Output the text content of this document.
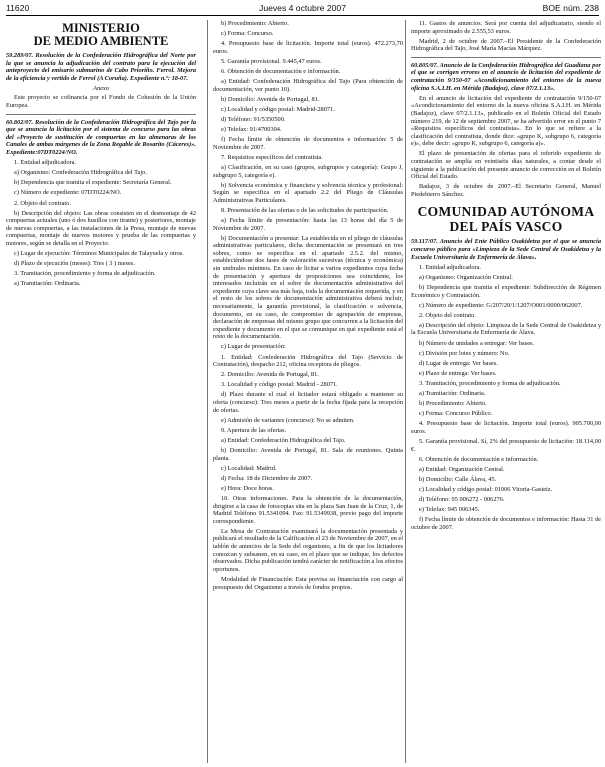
11620	Jueves 4 octubre 2007	BOE núm. 238
MINISTERIO
DE MEDIO AMBIENTE

59.289/07. Resolución de la Confederación Hidrográfica del Norte por la que se anuncia la adjudicación del contrato para la ejecución del anteproyecto del emisario submarino de Cabo Prioriño. Ferrol. Mejora de la eficiencia y vertido de Ferrol (A Coruña). Expediente n.º: 18-07.

Anexo

Este proyecto se cofinancia por el Fondo de Cohesión de la Unión Europea.

60.802/07. Resolución de la Confederación Hidrográfica del Tajo por la que se anuncia la licitación por el sistema de concurso para las obras del «Proyecto de sustitución de compuertas en las almenaras de los Canales de ambas márgenes de la Zona Regable de Rosarito (Cáceres)». Expediente:07DT0224/NO.

1. Entidad adjudicadora.

a) Organismo: Confederación Hidrográfica del Tajo.

b) Dependencia que tramita el expediente: Secretaría General.

c) Número de expediente: 07DT0224/NO.

2. Objeto del contrato.

b) Descripción del objeto: Las obras consisten en el desmontaje de 42 compuertas actuales (uno ó dos husillos con tirante) y posteriores, montaje de nuevas compuertas, a las instalaciones de la Presa, montaje de nuevas compuertas, montaje de nuevos motores y prueba de las compuertas y motores, según se detalla en el Proyecto.

c) Lugar de ejecución: Términos Municipales de Talayuela y otros.

d) Plazo de ejecución (meses): Tres ( 3 ) meses.

3. Tramitación, procedimiento y forma de adjudicación.

a) Tramitación: Ordinaria.

b) Procedimiento: Abierto.

c) Forma: Concurso.

4. Presupuesto base de licitación. Importe total (euros). 472.273,70 euros.

5. Garantía provisional. 9.445,47 euros.

6. Obtención de documentación e información.

a) Entidad: Confederación Hidrográfica del Tajo (Para obtención de documentación, ver punto 10).

b) Domicilio: Avenida de Portugal, 81.

c) Localidad y código postal: Madrid-28071.

d) Teléfono: 91/5350500.

e) Telefax: 91/4700304.

f) Fecha límite de obtención de documentos e información: 5 de Noviembre de 2007.

7. Requisitos específicos del contratista.

a) Clasificación, en su caso (grupos, subgrupos y categoría): Grupo J, subgrupo 5, categoría e).

b) Solvencia económica y financiera y solvencia técnica y profesional: Según se especifica en el apartado 2.2 del Pliego de Cláusulas Administrativas Particulares.

8. Presentación de las ofertas o de las solicitudes de participación.

a) Fecha límite de presentación: hasta las 13 horas del día 5 de Noviembre de 2007.

b) Documentación a presentar: La establecida en el pliego de cláusulas administrativas particulares, dicha documentación se presentará en tres sobres, como se especifica en el apartado 2.5.2. del mismo, estableciéndose dos fases de valoración sucesivas (técnica y económica) sin umbrales mínimos. En caso de licitar a varios expedientes cuya fecha de presentación y apertura de proposiciones sea coincidente, los interesados incluirán en el sobre de documentación administrativa del expediente cuya clave sea más baja, toda la documentación requerida, y en el resto de los sobres de documentación administrativa deberá incluir, necesariamente, la garantía provisional, la clasificación o solvencia, documento, en su caso, de compromiso de agrupación de empresas, declaración de empresas del mismo grupo que concurren a la licitación del expediente y documento en el que se comunique en qué expediente está el resto de la documentación.

c) Lugar de presentación:

1. Entidad: Confederación Hidrográfica del Tajo (Servicio de Contratación), despacho 212, oficina receptora de pliegos.

2. Domicilio: Avenida de Portugal, 81.

3. Localidad y código postal: Madrid - 28071.

d) Plazo durante el cual el licitador estará obligado a mantener su oferta (concurso): Tres meses a partir de la fecha fijada para la recepción de ofertas.

e) Admisión de variantes (concurso): No se admiten.

9. Apertura de las ofertas.

a) Entidad: Confederación Hidrográfica del Tajo.

b) Domicilio: Avenida de Portugal, 81. Sala de reuniones. Quinta planta.

c) Localidad: Madrid.

d) Fecha: 18 de Diciembre de 2007.

e) Hora: Doce horas.

10. Otras informaciones. Para la obtención de la documentación, dirigirse a la casa de fotocopias sita en la plaza San Juan de la Cruz, 1, de Madrid Teléfono 91.5341094. Fax: 91.5349938, previo pago del importe correspondiente.

La Mesa de Contratación examinará la documentación presentada y publicará el resultado de la Calificación el 23 de Noviembre de 2007, en el tablón de anuncios de la Sede del organismo, a fin de que los licitadores conozcan y subsanen, en su caso, en el plazo que se indique, los defectos observados. Dicha publicación tendrá carácter de notificación a los efectos oportunos.

Modalidad de Financiación: Esta previsa su financiación con cargo al presupuesto del Organismo a través de fondos propios.

11. Gastos de anuncios. Será por cuenta del adjudicatario, siendo el importe aproximado de 2.555,53 euros.

Madrid, 2 de octubre de 2007.–El Presidente de la Confederación Hidrográfica del Tajo, José María Macías Márquez.

60.805/07. Anuncio de la Confederación Hidrográfica del Guadiana por el que se corrigen errores en el anuncio de licitación del expediente de contratación 9/150-07 «Acondicionamiento del entorno de la nueva oficina S.A.I.H. en Mérida (Badajoz), clave 07/2.1.13».

En el anuncio de licitación del expediente de contratación 9/150-07 «Acondicionamiento del entorno de la nueva oficina S.A.I.H. en Mérida (Badajoz), clave 07/2.1.13», publicado en el Boletín Oficial del Estado número 219, de 12 de septiembre 2007, se ha advertido error en el punto 7 «Requisitos específicos del contratista». En lo que se refiere a la clasificación del contratista, donde dice: «grupo K, subgrupo 6, categoría e)», debe decir: «grupo K, subgrupo 6, categoría a)».

El plazo de presentación de ofertas para el referido expediente de contratación se amplía en veintiséis días naturales, a contar desde el siguiente a la publicación del presente anuncio de corrección en el Boletín Oficial del Estado.

Badajoz, 3 de octubre de 2007.–El Secretario General, Manuel Piedehierro Sánchez.

COMUNIDAD AUTÓNOMA
DEL PAÍS VASCO

59.117/07. Anuncio del Ente Público Osakidetza por el que se anuncia concurso público para «Limpieza de la Sede Central de Osakidetza y la Escuela Universitaria de Enfermería de Álava».

1. Entidad adjudicadora.

a) Organismo: Organización Central.

b) Dependencia que tramita el expediente: Subdirección de Régimen Económico y Contratación.

c) Número de expediente: G/207/20/1/1207/O001/0000/062007.

2. Objeto del contrato.

a) Descripción del objeto: Limpieza de la Sede Central de Osakidetza y la Escuela Universitaria de Enfermería de Álava.

b) Número de unidades a entregar: Ver bases.

c) División por lotes y número: No.

d) Lugar de entrega: Ver bases.

e) Plazo de entrega: Ver bases.

3. Tramitación, procedimiento y forma de adjudicación.

a) Tramitación: Ordinaria.

b) Procedimiento: Abierto.

c) Forma: Concurso Público.

4. Presupuesto base de licitación. Importe total (euros). 905.700,00 euros.

5. Garantía provisional. Sí, 2% del presupuesto de licitación: 18.114,00 €.

6. Obtención de documentación e información.

a) Entidad: Organización Central.

b) Domicilio: Calle Álava, 45.

c) Localidad y código postal: 01006 Vitoria-Gasteiz.

d) Teléfono: 95 006272 - 006276.

e) Telefax: 945 006345.

f) Fecha límite de obtención de documentos e información: Hasta 31 de octubre de 2007.
